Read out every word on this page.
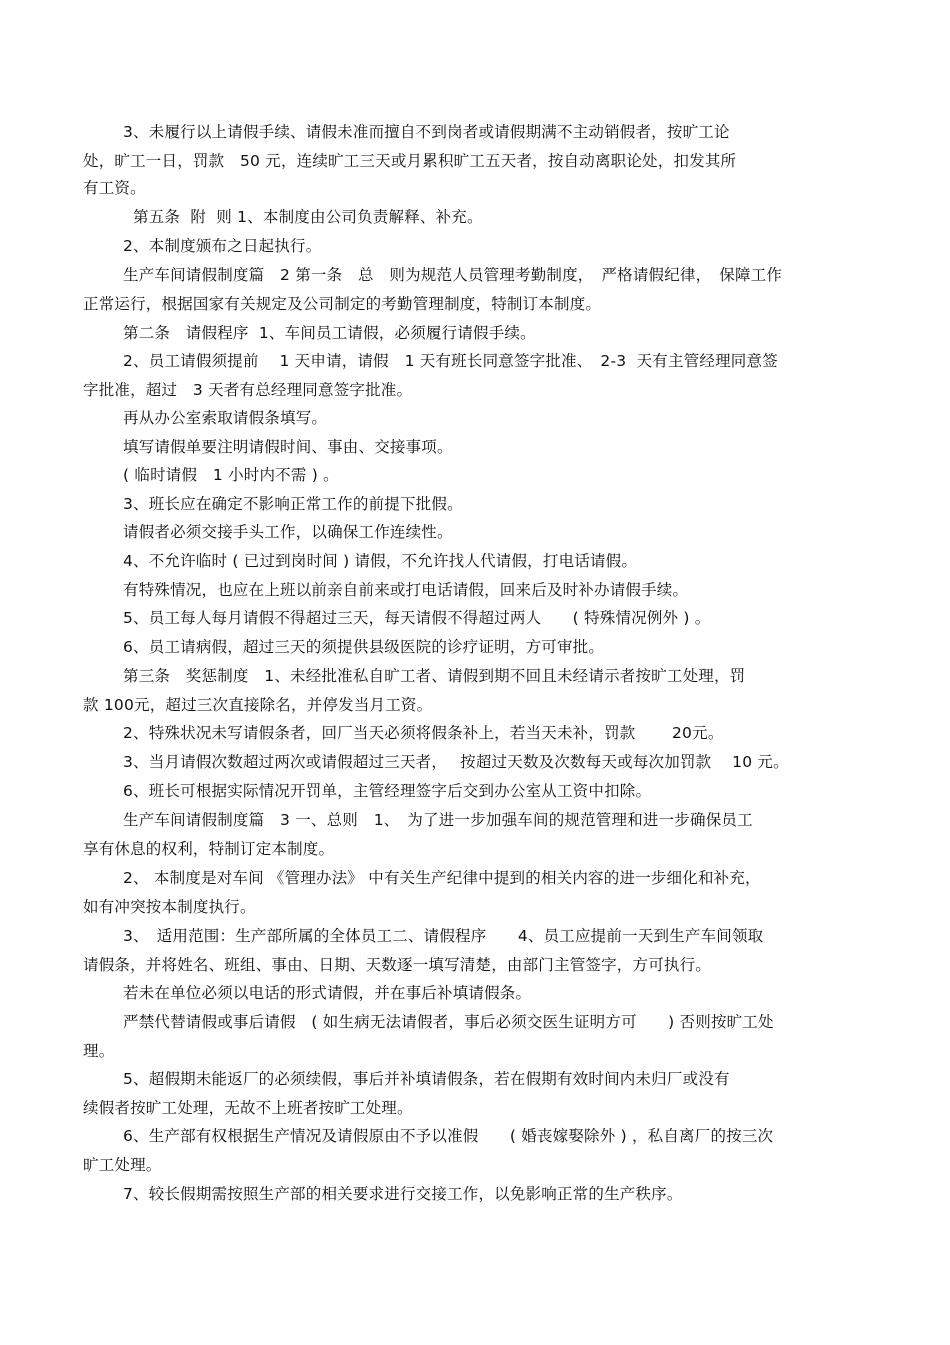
3、未履行以上请假手续、请假未准而擅自不到岗者或请假期满不主动销假者，按旷工论
处，旷工一日，罚款　50 元，连续旷工三天或月累积旷工五天者，按自动离职论处，扣发其所
有工资。
第五条  附  则 1、本制度由公司负责解释、补充。
2、本制度颁布之日起执行。
生产车间请假制度篇　2 第一条　总　则为规范人员管理考勤制度，　严格请假纪律，　保障工作
正常运行，根据国家有关规定及公司制定的考勤管理制度，特制订本制度。
第二条　请假程序  1、车间员工请假，必须履行请假手续。
2、员工请假须提前　 1 天申请，请假　1 天有班长同意签字批准、　2-3  天有主管经理同意签
字批准，超过　3 天者有总经理同意签字批准。
再从办公室索取请假条填写。
填写请假单要注明请假时间、事由、交接事项。
( 临时请假　1 小时内不需 ) 。
3、班长应在确定不影响正常工作的前提下批假。
请假者必须交接手头工作，以确保工作连续性。
4、不允许临时 ( 已过到岗时间 ) 请假，不允许找人代请假，打电话请假。
有特殊情况，也应在上班以前亲自前来或打电话请假，回来后及时补办请假手续。
5、员工每人每月请假不得超过三天，每天请假不得超过两人　　( 特殊情况例外 ) 。
6、员工请病假，超过三天的须提供县级医院的诊疗证明，方可审批。
第三条　奖惩制度　1、未经批准私自旷工者、请假到期不回且未经请示者按旷工处理，罚
款 100元，超过三次直接除名，并停发当月工资。
2、特殊状况未写请假条者，回厂当天必须将假条补上，若当天未补，罚款　　 20元。
3、当月请假次数超过两次或请假超过三天者，　 按超过天数及次数每天或每次加罚款　 10 元。
6、班长可根据实际情况开罚单，主管经理签字后交到办公室从工资中扣除。
生产车间请假制度篇　3 一、总则　1、　为了进一步加强车间的规范管理和进一步确保员工
享有休息的权利，特制订定本制度。
2、 本制度是对车间 《管理办法》 中有关生产纪律中提到的相关内容的进一步细化和补充，
如有冲突按本制度执行。
3、　适用范围：生产部所属的全体员工二、请假程序　　4、员工应提前一天到生产车间领取
请假条，并将姓名、班组、事由、日期、天数逐一填写清楚，由部门主管签字，方可执行。
若未在单位必须以电话的形式请假，并在事后补填请假条。
严禁代替请假或事后请假　( 如生病无法请假者，事后必须交医生证明方可　　) 否则按旷工处
理。
5、超假期未能返厂的必须续假，事后并补填请假条，若在假期有效时间内未归厂或没有
续假者按旷工处理，无故不上班者按旷工处理。
6、生产部有权根据生产情况及请假原由不予以准假　　( 婚丧嫁娶除外 ) ，私自离厂的按三次
旷工处理。
7、较长假期需按照生产部的相关要求进行交接工作，以免影响正常的生产秩序。
